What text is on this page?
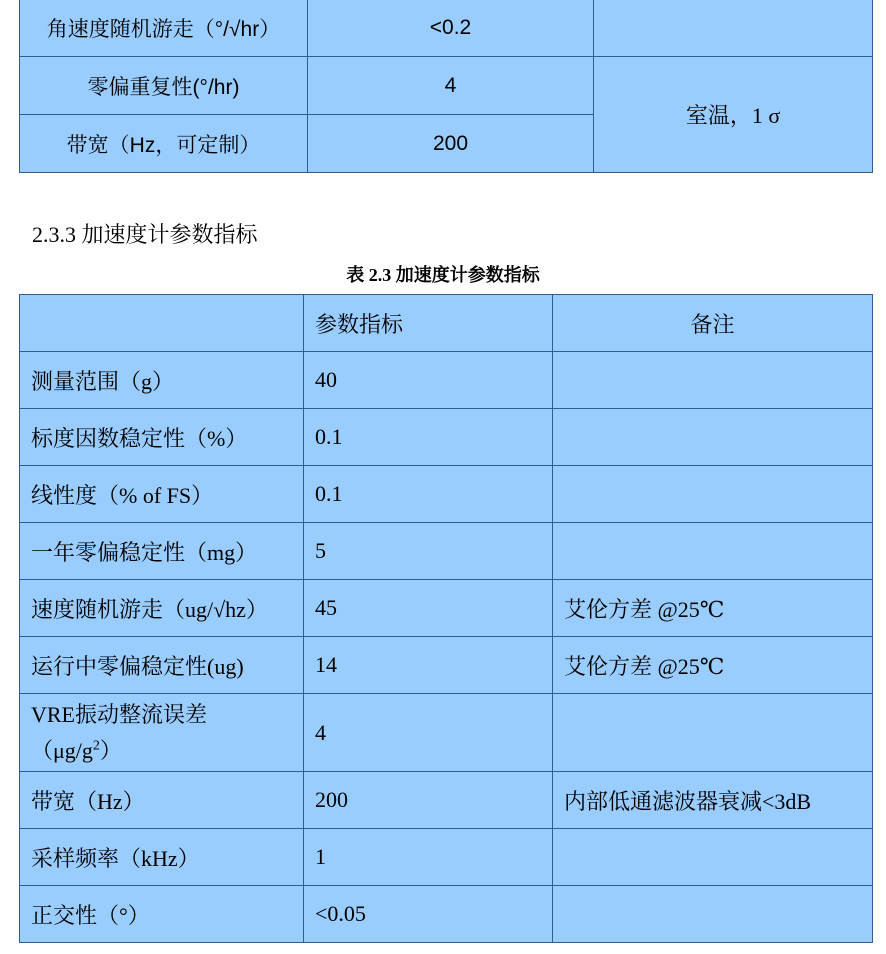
角速度随机游走（°/√hr）	<0.2	
零偏重复性(°/hr)	4	室温，1 σ
带宽（Hz，可定制）	200	
2.3.3 加速度计参数指标
表 2.3 加速度计参数指标
	参数指标	备注
测量范围（g）	40	
标度因数稳定性（%）	0.1	
线性度（% of FS）	0.1	
一年零偏稳定性（mg）	5	
速度随机游走（ug/√hz）	45	艾伦方差 @25℃
运行中零偏稳定性(ug)	14	艾伦方差 @25℃

VRE振动整流误差
$(\mu g/g^2)$	4	
带宽（Hz）	200	内部低通滤波器衰减<3dB
采样频率（kHz）	1	
正交性（°）	<0.05	
